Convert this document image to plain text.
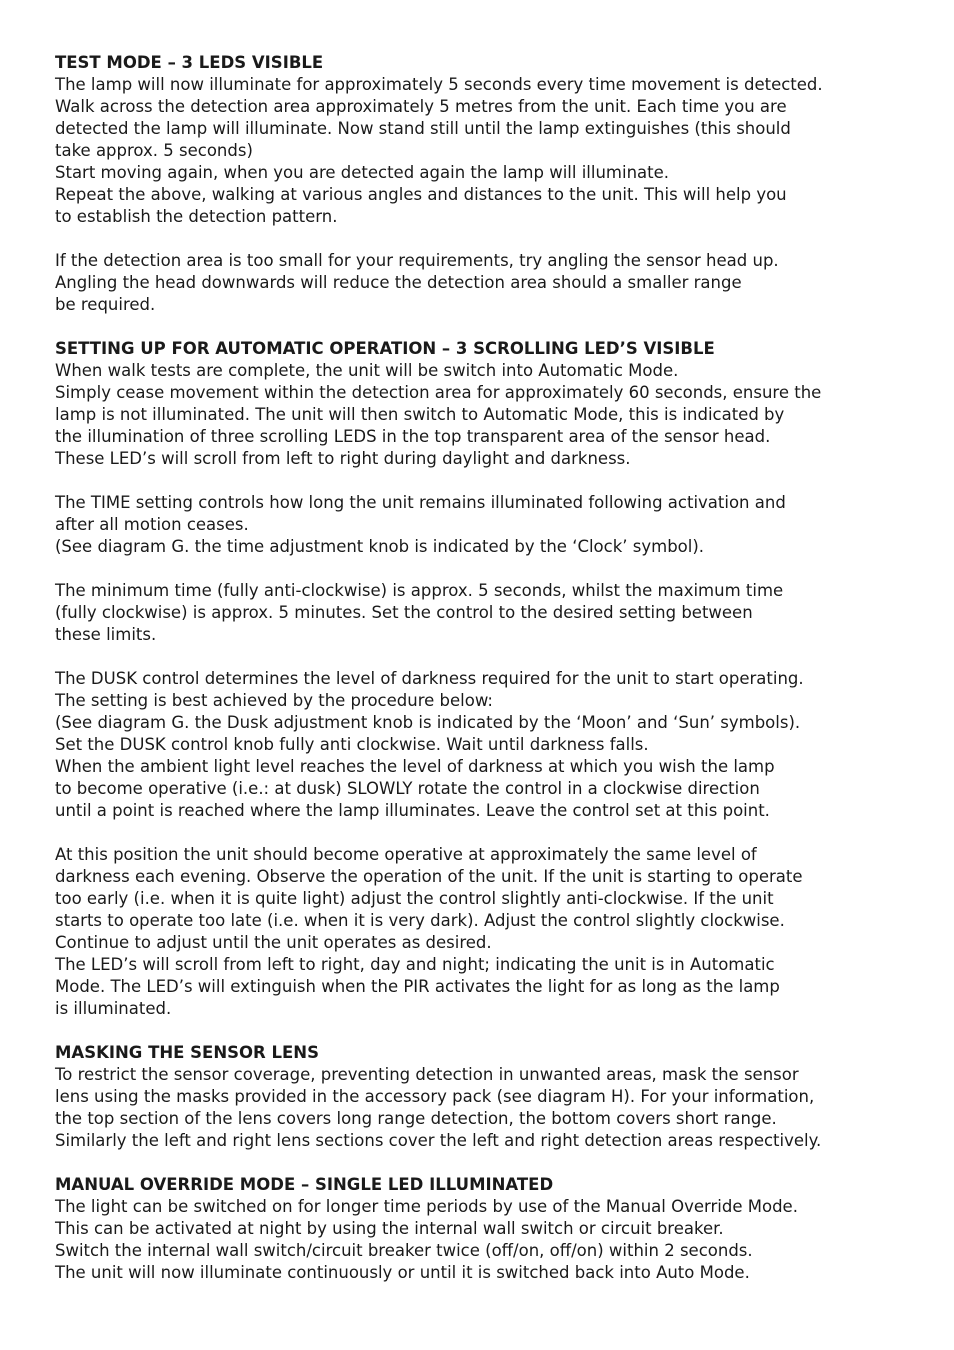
TEST MODE – 3 LEDS VISIBLE
The lamp will now illuminate for approximately 5 seconds every time movement is detected.
Walk across the detection area approximately 5 metres from the unit. Each time you are
detected the lamp will illuminate. Now stand still until the lamp extinguishes (this should
take approx. 5 seconds)
Start moving again, when you are detected again the lamp will illuminate.
Repeat the above, walking at various angles and distances to the unit. This will help you
to establish the detection pattern.
If the detection area is too small for your requirements, try angling the sensor head up.
Angling the head downwards will reduce the detection area should a smaller range
be required.
SETTING UP FOR AUTOMATIC OPERATION – 3 SCROLLING LED’S VISIBLE
When walk tests are complete, the unit will be switch into Automatic Mode.
Simply cease movement within the detection area for approximately 60 seconds, ensure the
lamp is not illuminated. The unit will then switch to Automatic Mode, this is indicated by
the illumination of three scrolling LEDS in the top transparent area of the sensor head.
These LED’s will scroll from left to right during daylight and darkness.
The TIME setting controls how long the unit remains illuminated following activation and
after all motion ceases.
(See diagram G. the time adjustment knob is indicated by the ‘Clock’ symbol).
The minimum time (fully anti-clockwise) is approx. 5 seconds, whilst the maximum time
(fully clockwise) is approx. 5 minutes. Set the control to the desired setting between
these limits.
The DUSK control determines the level of darkness required for the unit to start operating.
The setting is best achieved by the procedure below:
(See diagram G. the Dusk adjustment knob is indicated by the ‘Moon’ and ‘Sun’ symbols).
Set the DUSK control knob fully anti clockwise. Wait until darkness falls.
When the ambient light level reaches the level of darkness at which you wish the lamp
to become operative (i.e.: at dusk) SLOWLY rotate the control in a clockwise direction
until a point is reached where the lamp illuminates. Leave the control set at this point.
At this position the unit should become operative at approximately the same level of
darkness each evening. Observe the operation of the unit. If the unit is starting to operate
too early (i.e. when it is quite light) adjust the control slightly anti-clockwise. If the unit
starts to operate too late (i.e. when it is very dark). Adjust the control slightly clockwise.
Continue to adjust until the unit operates as desired.
The LED’s will scroll from left to right, day and night; indicating the unit is in Automatic
Mode. The LED’s will extinguish when the PIR activates the light for as long as the lamp
is illuminated.
MASKING THE SENSOR LENS
To restrict the sensor coverage, preventing detection in unwanted areas, mask the sensor
lens using the masks provided in the accessory pack (see diagram H). For your information,
the top section of the lens covers long range detection, the bottom covers short range.
Similarly the left and right lens sections cover the left and right detection areas respectively.
MANUAL OVERRIDE MODE – SINGLE LED ILLUMINATED
The light can be switched on for longer time periods by use of the Manual Override Mode.
This can be activated at night by using the internal wall switch or circuit breaker.
Switch the internal wall switch/circuit breaker twice (off/on, off/on) within 2 seconds.
The unit will now illuminate continuously or until it is switched back into Auto Mode.
